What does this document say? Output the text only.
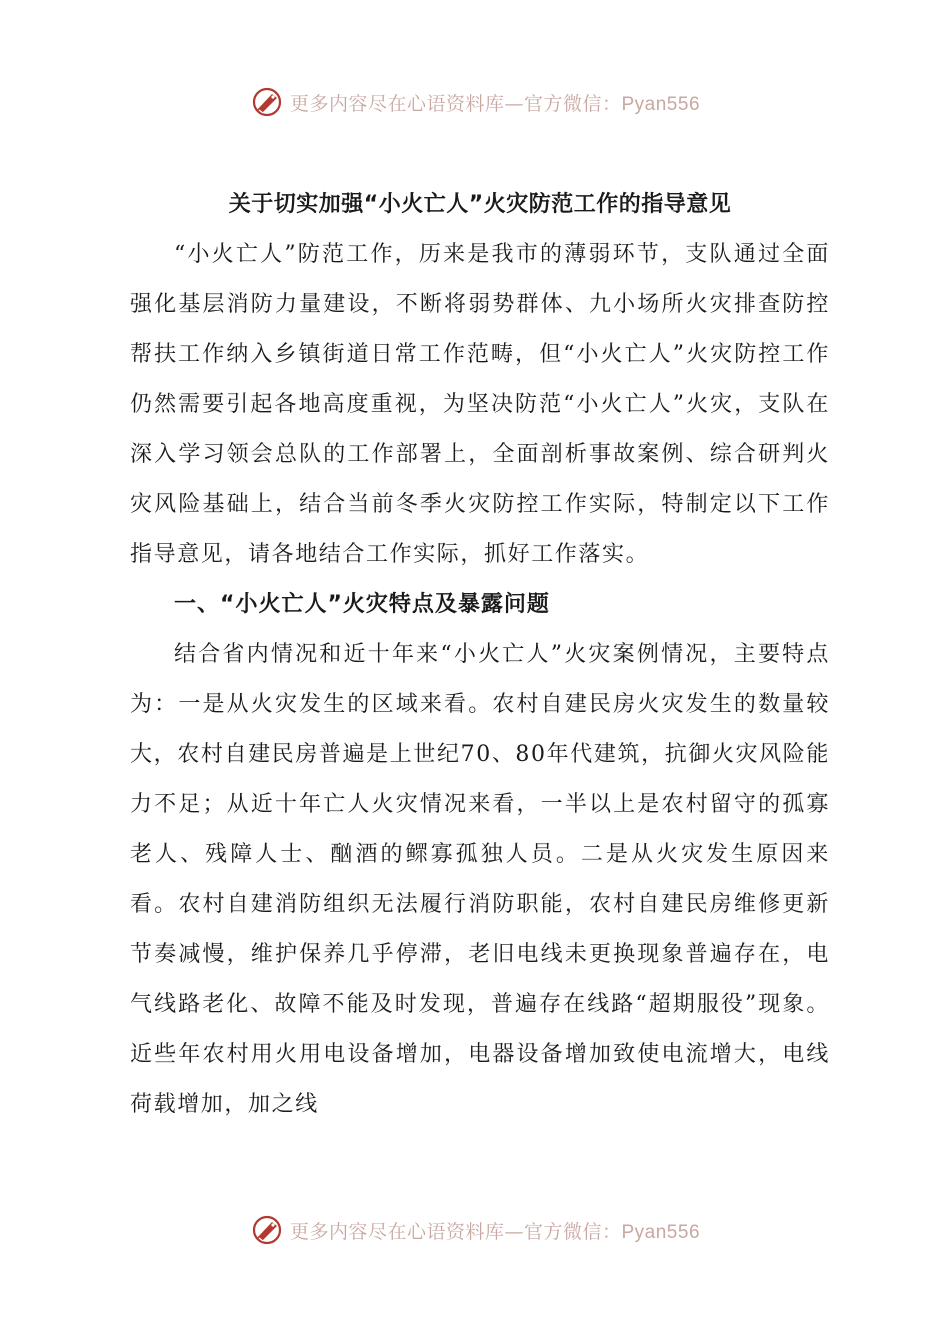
更多内容尽在心语资料库—官方微信：Pyan556
关于切实加强“小火亡人”火灾防范工作的指导意见

“小火亡人”防范工作，历来是我市的薄弱环节，支队通过全面强化基层消防力量建设，不断将弱势群体、九小场所火灾排查防控帮扶工作纳入乡镇街道日常工作范畴，但“小火亡人”火灾防控工作仍然需要引起各地高度重视，为坚决防范“小火亡人”火灾，支队在深入学习领会总队的工作部署上，全面剖析事故案例、综合研判火灾风险基础上，结合当前冬季火灾防控工作实际，特制定以下工作指导意见，请各地结合工作实际，抓好工作落实。

一、“小火亡人”火灾特点及暴露问题

结合省内情况和近十年来“小火亡人”火灾案例情况，主要特点为：一是从火灾发生的区域来看。农村自建民房火灾发生的数量较大，农村自建民房普遍是上世纪70、80年代建筑，抗御火灾风险能力不足；从近十年亡人火灾情况来看，一半以上是农村留守的孤寡老人、残障人士、酗酒的鳏寡孤独人员。二是从火灾发生原因来看。农村自建消防组织无法履行消防职能，农村自建民房维修更新节奏减慢，维护保养几乎停滞，老旧电线未更换现象普遍存在，电气线路老化、故障不能及时发现，普遍存在线路“超期服役”现象。近些年农村用火用电设备增加，电器设备增加致使电流增大，电线荷载增加，加之线

更多内容尽在心语资料库—官方微信：Pyan556
